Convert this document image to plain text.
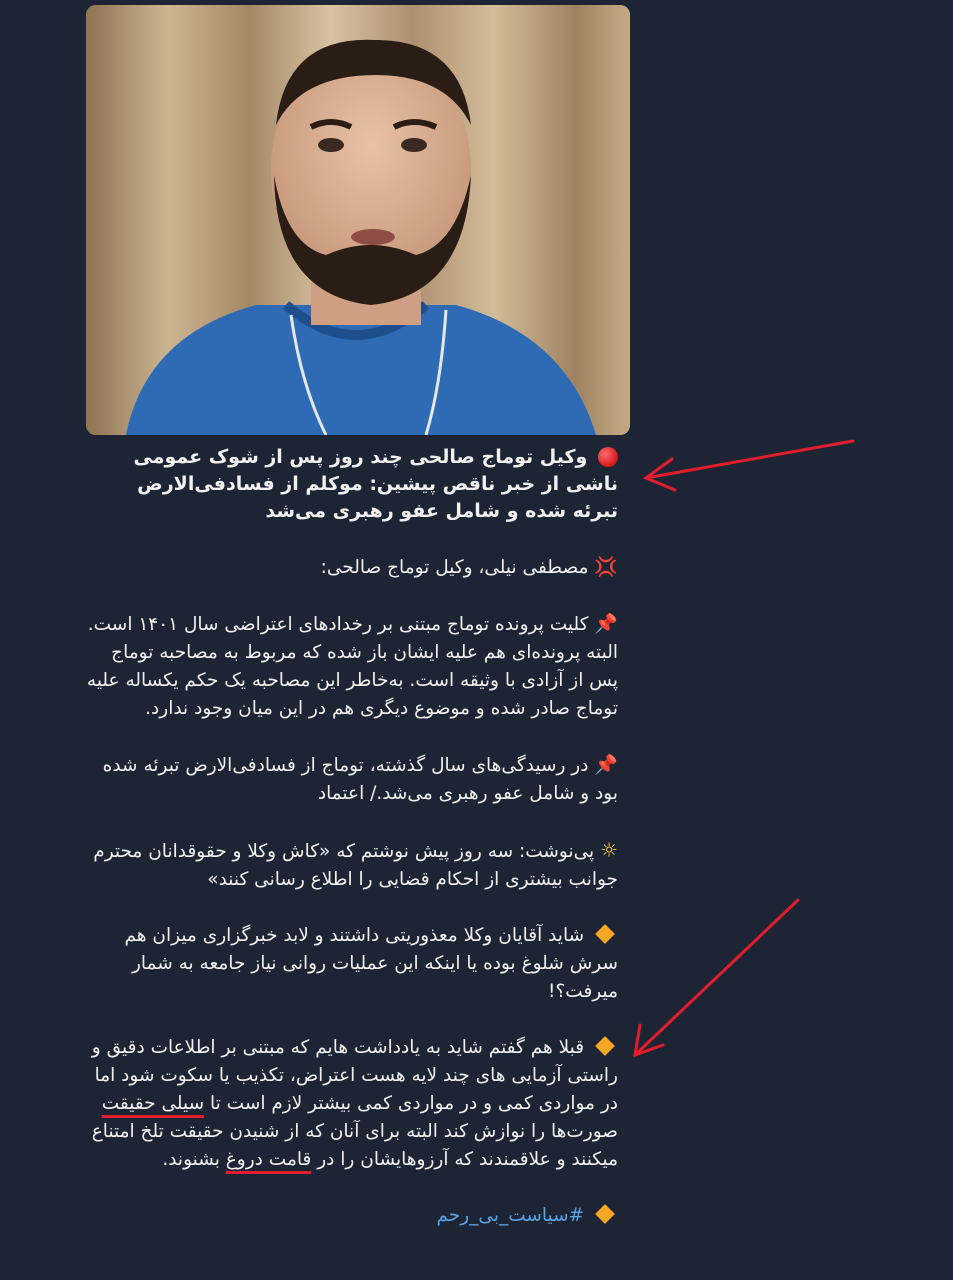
وکیل توماج صالحی چند روز پس از شوک عمومی ناشی از خبر ناقص پیشین: موکلم از فسادفی‌الارض تبرئه شده و شامل عفو رهبری می‌شد

💢 مصطفی نیلی، وکیل توماج صالحی:

📌 کلیت پرونده توماج مبتنی بر رخدادهای اعتراضی سال ۱۴۰۱ است. البته پرونده‌ای هم علیه ایشان باز شده که مربوط به مصاحبه توماج پس از آزادی با وثیقه است. به‌خاطر این مصاحبه یک حکم یکساله علیه توماج صادر شده و موضوع دیگری هم در این میان وجود ندارد.

📌 در رسیدگی‌های سال گذشته، توماج از فسادفی‌الارض تبرئه شده بود و شامل عفو رهبری می‌شد./ اعتماد

☼ پی‌نوشت: سه روز پیش نوشتم که «کاش وکلا و حقوقدانان محترم جوانب بیشتری از احکام قضایی را اطلاع رسانی کنند»

شاید آقایان وکلا معذوریتی داشتند و لابد خبرگزاری میزان هم سرش شلوغ بوده یا اینکه این عملیات روانی نیاز جامعه به شمار میرفت؟!

قبلا هم گفتم شاید به یادداشت هایم که مبتنی بر اطلاعات دقیق و راستی آزمایی های چند لایه هست اعتراض، تکذیب یا سکوت شود اما در مواردی کمی و در مواردی کمی بیشتر لازم است تا سیلی حقیقت صورت‌ها را نوازش کند البته برای آنان که از شنیدن حقیقت تلخ امتناع میکنند و علاقمندند که آرزوهایشان را در قامت دروغ بشنوند.

#سیاست_بی_رحم
